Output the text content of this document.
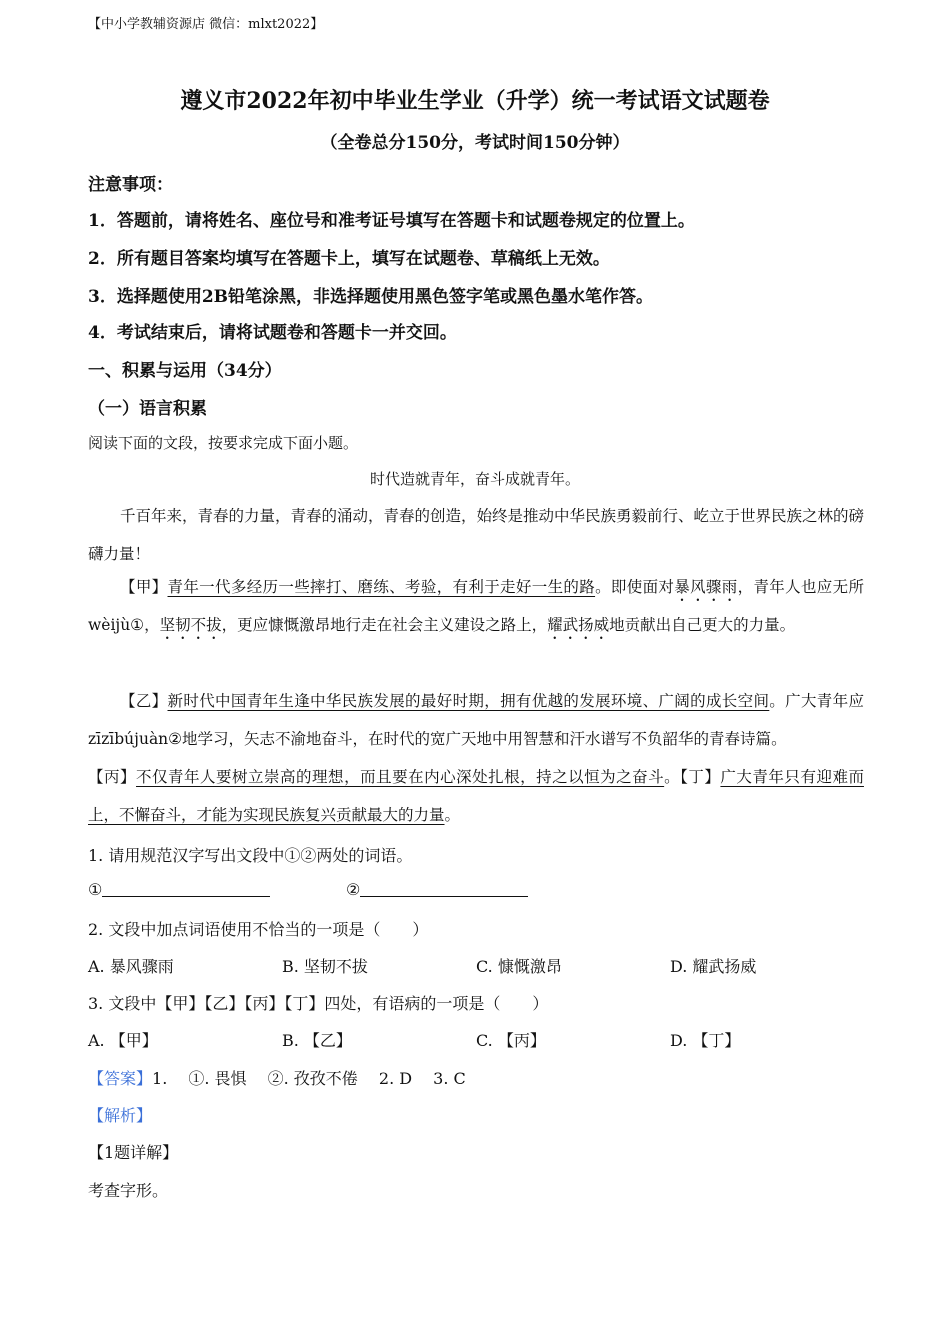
【中小学教辅资源店 微信：mlxt2022】
遵义市2022年初中毕业生学业（升学）统一考试语文试题卷
（全卷总分150分，考试时间150分钟）
注意事项：
1．答题前，请将姓名、座位号和准考证号填写在答题卡和试题卷规定的位置上。
2．所有题目答案均填写在答题卡上，填写在试题卷、草稿纸上无效。
3．选择题使用2B铅笔涂黑，非选择题使用黑色签字笔或黑色墨水笔作答。
4．考试结束后，请将试题卷和答题卡一并交回。
一、积累与运用（34分）
（一）语言积累
阅读下面的文段，按要求完成下面小题。
时代造就青年，奋斗成就青年。
千百年来，青春的力量，青春的涌动，青春的创造，始终是推动中华民族勇毅前行、屹立于世界民族之林的磅礴力量！
【甲】青年一代多经历一些摔打、磨练、考验，有利于走好一生的路。即使面对暴风骤雨，青年人也应无所 wèijù①，坚韧不拔，更应慷慨激昂地行走在社会主义建设之路上，耀武扬威地贡献出自己更大的力量。
【乙】新时代中国青年生逢中华民族发展的最好时期，拥有优越的发展环境、广阔的成长空间。广大青年应 zīzībújuàn②地学习，矢志不渝地奋斗，在时代的宽广天地中用智慧和汗水谱写不负韶华的青春诗篇。
【丙】不仅青年人要树立崇高的理想，而且要在内心深处扎根，持之以恒为之奋斗。【丁】广大青年只有迎难而上，不懈奋斗，才能为实现民族复兴贡献最大的力量。
1. 请用规范汉字写出文段中①②两处的词语。
①	②
2. 文段中加点词语使用不恰当的一项是（　　）
A. 暴风骤雨	B. 坚韧不拔	C. 慷慨激昂	D. 耀武扬威
3. 文段中【甲】【乙】【丙】【丁】四处，有语病的一项是（　　）
A. 【甲】	B. 【乙】	C. 【丙】	D. 【丁】
【答案】1.　 ①. 畏惧　 ②. 孜孜不倦　 2. D　 3. C
【解析】
【1题详解】
考查字形。
